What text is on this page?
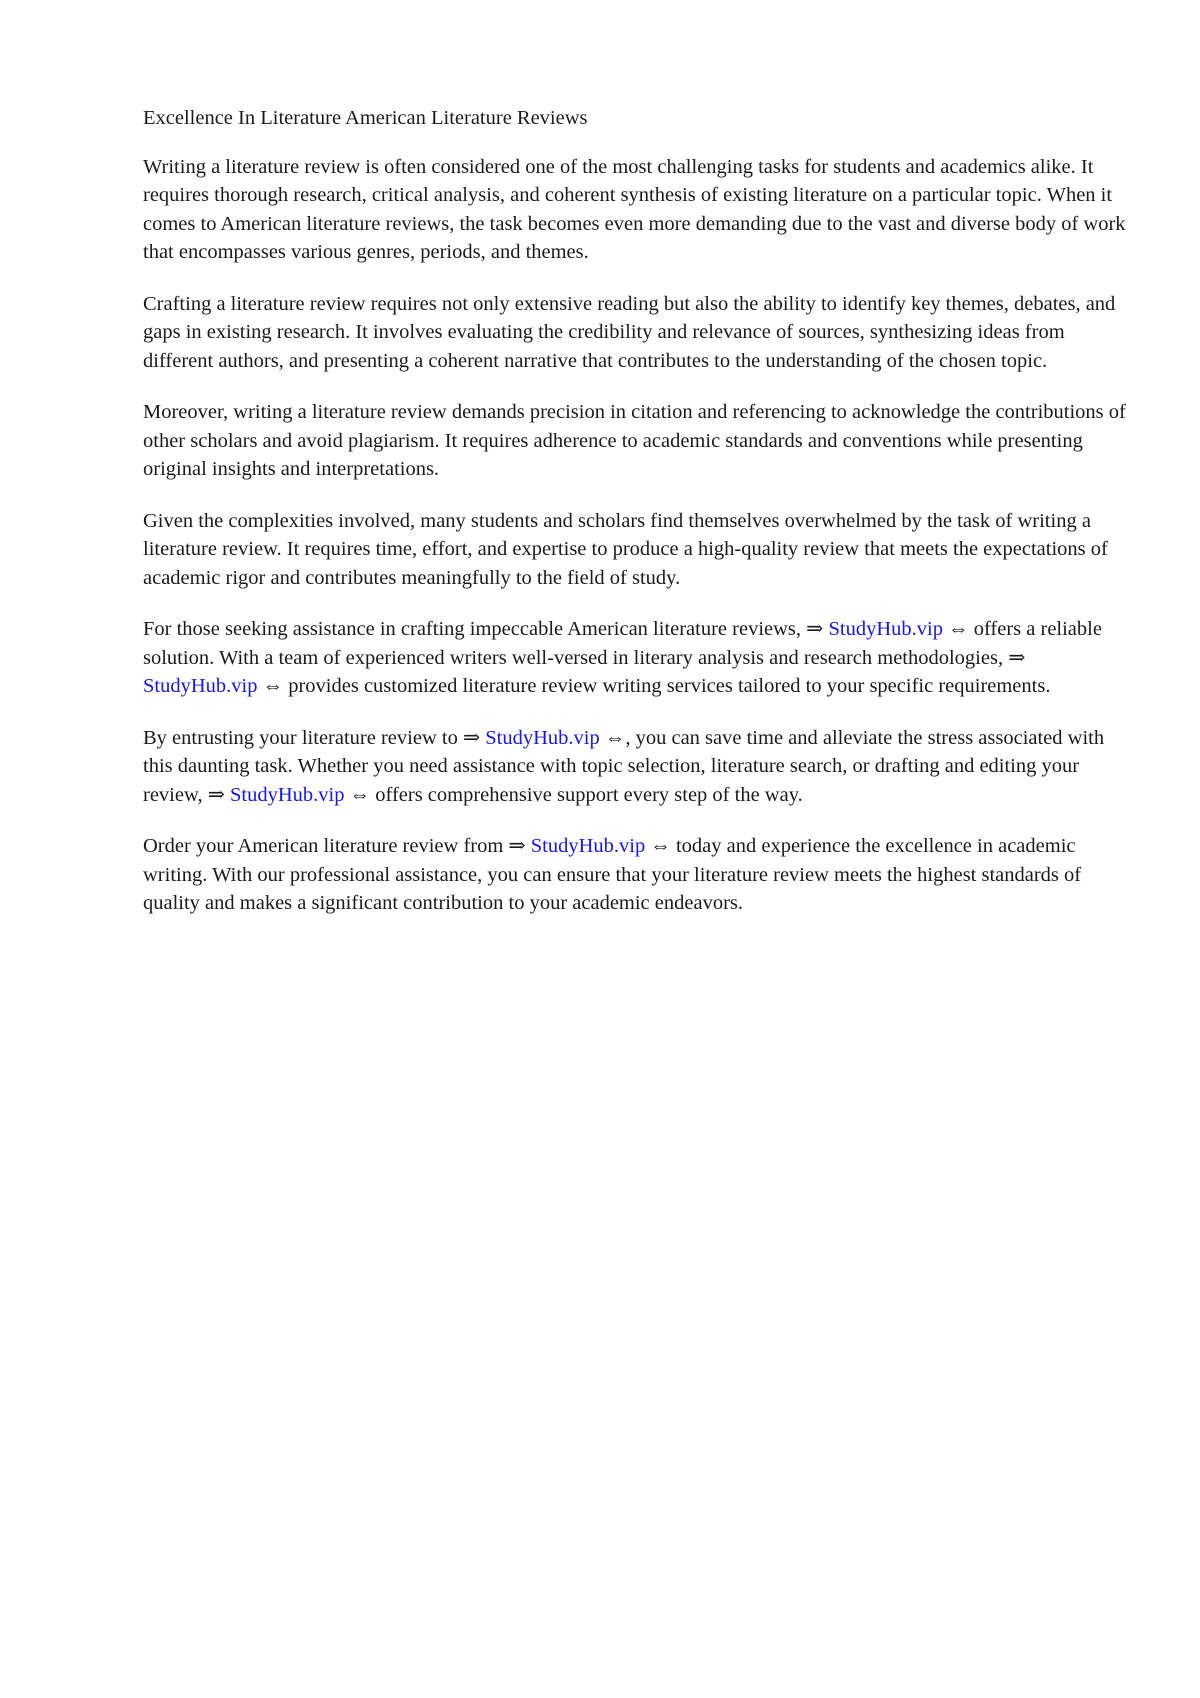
Excellence In Literature American Literature Reviews

Writing a literature review is often considered one of the most challenging tasks for students and academics alike. It requires thorough research, critical analysis, and coherent synthesis of existing literature on a particular topic. When it comes to American literature reviews, the task becomes even more demanding due to the vast and diverse body of work that encompasses various genres, periods, and themes.

Crafting a literature review requires not only extensive reading but also the ability to identify key themes, debates, and gaps in existing research. It involves evaluating the credibility and relevance of sources, synthesizing ideas from different authors, and presenting a coherent narrative that contributes to the understanding of the chosen topic.

Moreover, writing a literature review demands precision in citation and referencing to acknowledge the contributions of other scholars and avoid plagiarism. It requires adherence to academic standards and conventions while presenting original insights and interpretations.

Given the complexities involved, many students and scholars find themselves overwhelmed by the task of writing a literature review. It requires time, effort, and expertise to produce a high-quality review that meets the expectations of academic rigor and contributes meaningfully to the field of study.

For those seeking assistance in crafting impeccable American literature reviews, ⇒ StudyHub.vip ⇔ offers a reliable solution. With a team of experienced writers well-versed in literary analysis and research methodologies, ⇒ StudyHub.vip ⇔ provides customized literature review writing services tailored to your specific requirements.

By entrusting your literature review to ⇒ StudyHub.vip ⇔, you can save time and alleviate the stress associated with this daunting task. Whether you need assistance with topic selection, literature search, or drafting and editing your review, ⇒ StudyHub.vip ⇔ offers comprehensive support every step of the way.

Order your American literature review from ⇒ StudyHub.vip ⇔ today and experience the excellence in academic writing. With our professional assistance, you can ensure that your literature review meets the highest standards of quality and makes a significant contribution to your academic endeavors.
